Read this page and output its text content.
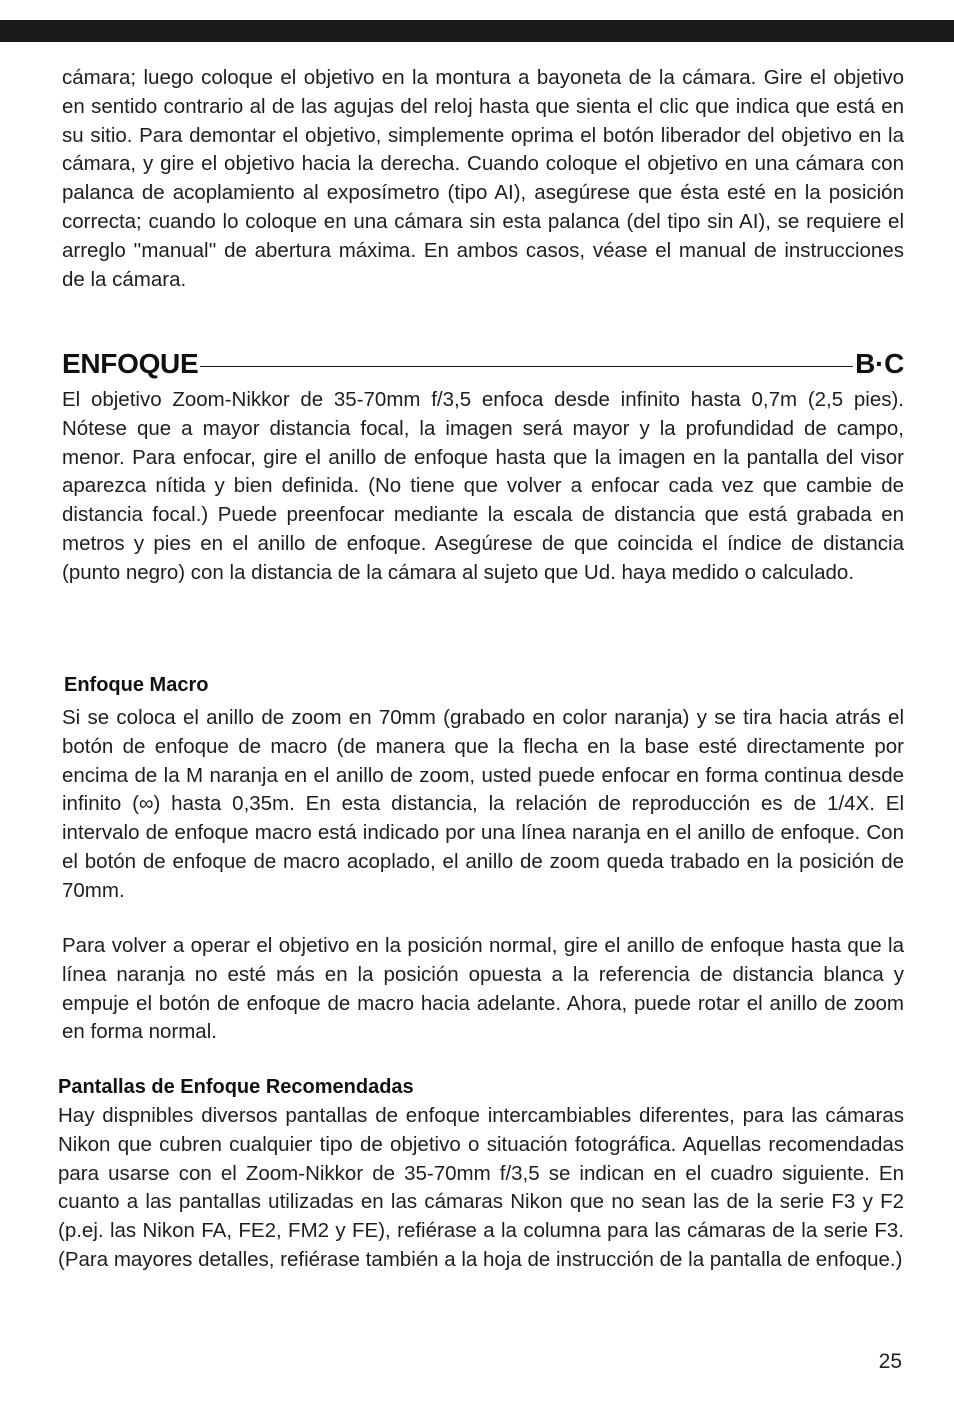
cámara; luego coloque el objetivo en la montura a bayoneta de la cámara. Gire el objetivo en sentido contrario al de las agujas del reloj hasta que sienta el clic que indica que está en su sitio. Para demontar el objetivo, simplemente oprima el botón liberador del objetivo en la cámara, y gire el objetivo hacia la derecha. Cuando coloque el objetivo en una cámara con palanca de acoplamiento al exposímetro (tipo AI), asegúrese que ésta esté en la posición correcta; cuando lo coloque en una cámara sin esta palanca (del tipo sin AI), se requiere el arreglo ''manual'' de abertura máxima. En ambos casos, véase el manual de instrucciones de la cámara.

ENFOQUE	B·C

El objetivo Zoom-Nikkor de 35-70mm f/3,5 enfoca desde infinito hasta 0,7m (2,5 pies). Nótese que a mayor distancia focal, la imagen será mayor y la profundidad de campo, menor. Para enfocar, gire el anillo de enfoque hasta que la imagen en la pantalla del visor aparezca nítida y bien definida. (No tiene que volver a enfocar cada vez que cambie de distancia focal.) Puede preenfocar mediante la escala de distancia que está grabada en metros y pies en el anillo de enfoque. Asegúrese de que coincida el índice de distancia (punto negro) con la distancia de la cámara al sujeto que Ud. haya medido o calculado.

Enfoque Macro

Si se coloca el anillo de zoom en 70mm (grabado en color naranja) y se tira hacia atrás el botón de enfoque de macro (de manera que la flecha en la base esté directamente por encima de la M naranja en el anillo de zoom, usted puede enfocar en forma continua desde infinito (∞) hasta 0,35m. En esta distancia, la relación de reproducción es de 1/4X. El intervalo de enfoque macro está indicado por una línea naranja en el anillo de enfoque. Con el botón de enfoque de macro acoplado, el anillo de zoom queda trabado en la posición de 70mm.

Para volver a operar el objetivo en la posición normal, gire el anillo de enfoque hasta que la línea naranja no esté más en la posición opuesta a la referencia de distancia blanca y empuje el botón de enfoque de macro hacia adelante. Ahora, puede rotar el anillo de zoom en forma normal.

Pantallas de Enfoque Recomendadas

Hay dispnibles diversos pantallas de enfoque intercambiables diferentes, para las cámaras Nikon que cubren cualquier tipo de objetivo o situación fotográfica. Aquellas recomendadas para usarse con el Zoom-Nikkor de 35-70mm f/3,5 se indican en el cuadro siguiente. En cuanto a las pantallas utilizadas en las cámaras Nikon que no sean las de la serie F3 y F2 (p.ej. las Nikon FA, FE2, FM2 y FE), refiérase a la columna para las cámaras de la serie F3. (Para mayores detalles, refiérase también a la hoja de instrucción de la pantalla de enfoque.)

25
